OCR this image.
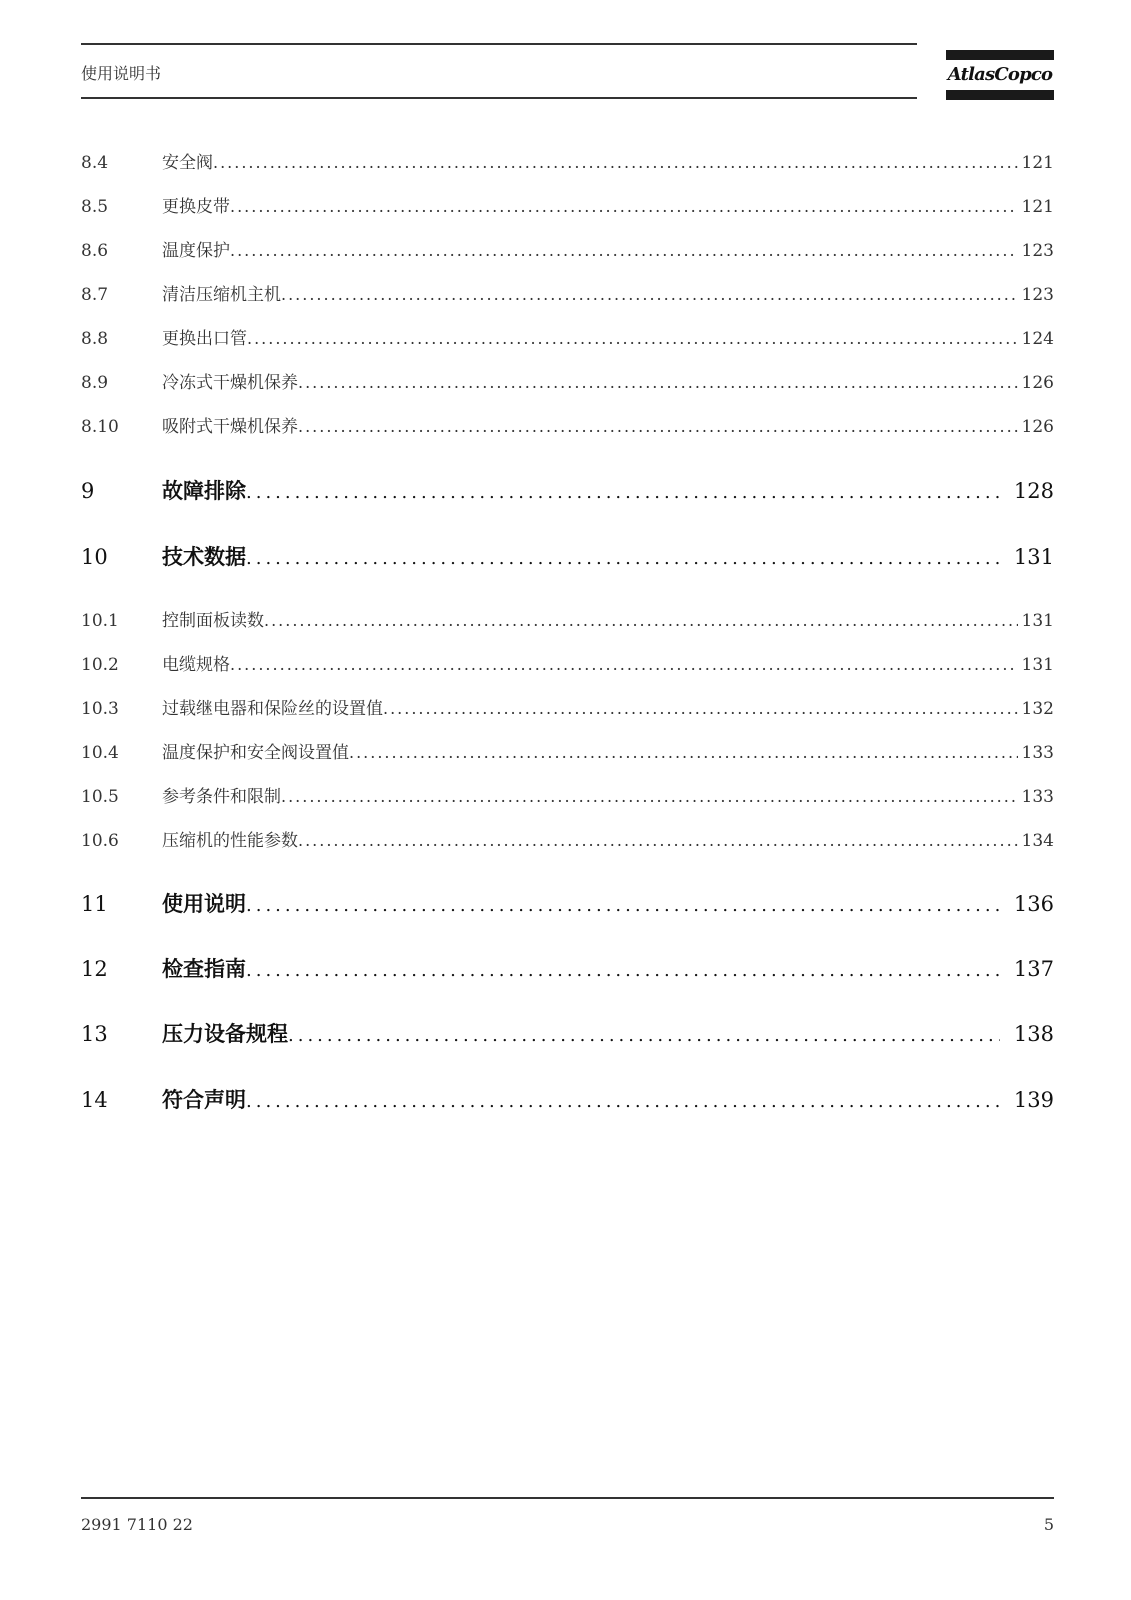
使用说明书	AtlasCopco
8.4	安全阀 .....	121
8.5	更换皮带 .....	121
8.6	温度保护 .....	123
8.7	清洁压缩机主机 .....	123
8.8	更换出口管 .....	124
8.9	冷冻式干燥机保养 .....	126
8.10	吸附式干燥机保养 .....	126
9	故障排除 .....	128
10	技术数据 .....	131
10.1	控制面板读数 .....	131
10.2	电缆规格 .....	131
10.3	过载继电器和保险丝的设置值 .....	132
10.4	温度保护和安全阀设置值 .....	133
10.5	参考条件和限制 .....	133
10.6	压缩机的性能参数 .....	134
11	使用说明 .....	136
12	检查指南 .....	137
13	压力设备规程 .....	138
14	符合声明 .....	139
2991 7110 22	5
